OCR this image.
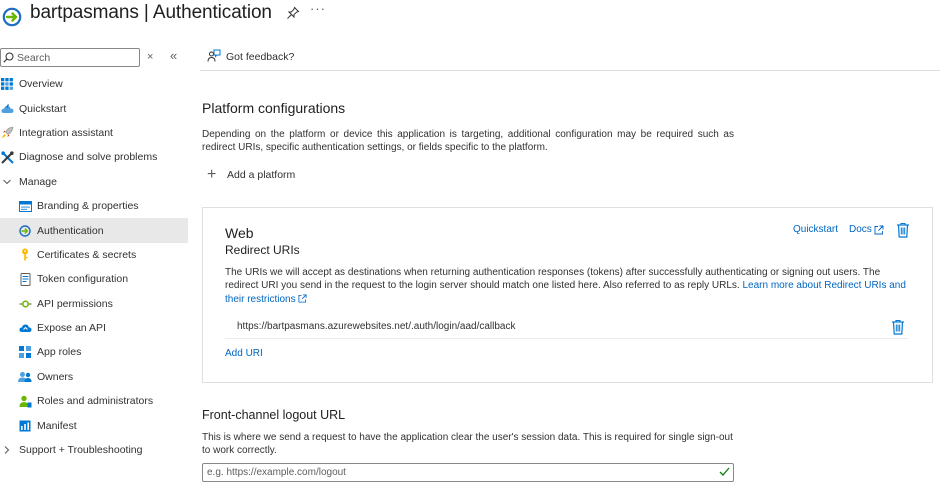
bartpasmans | Authentication	···
Search
× «
Overview
Quickstart
Integration assistant
Diagnose and solve problems
Manage
Branding & properties
Authentication
Certificates & secrets
Token configuration
API permissions
Expose an API
App roles
Owners
Roles and administrators
Manifest
Support + Troubleshooting
Got feedback?
Platform configurations
Depending on the platform or device this application is targeting, additional configuration may be required such as redirect URIs, specific authentication settings, or fields specific to the platform.
+	Add a platform
Web
Redirect URIs
Quickstart Docs
The URIs we will accept as destinations when returning authentication responses (tokens) after successfully authenticating or signing out users. The redirect URI you send in the request to the login server should match one listed here. Also referred to as reply URLs. Learn more about Redirect URIs and their restrictions
https://bartpasmans.azurewebsites.net/.auth/login/aad/callback
Add URI
Front-channel logout URL
This is where we send a request to have the application clear the user's session data. This is required for single sign-out to work correctly.
e.g. https://example.com/logout
